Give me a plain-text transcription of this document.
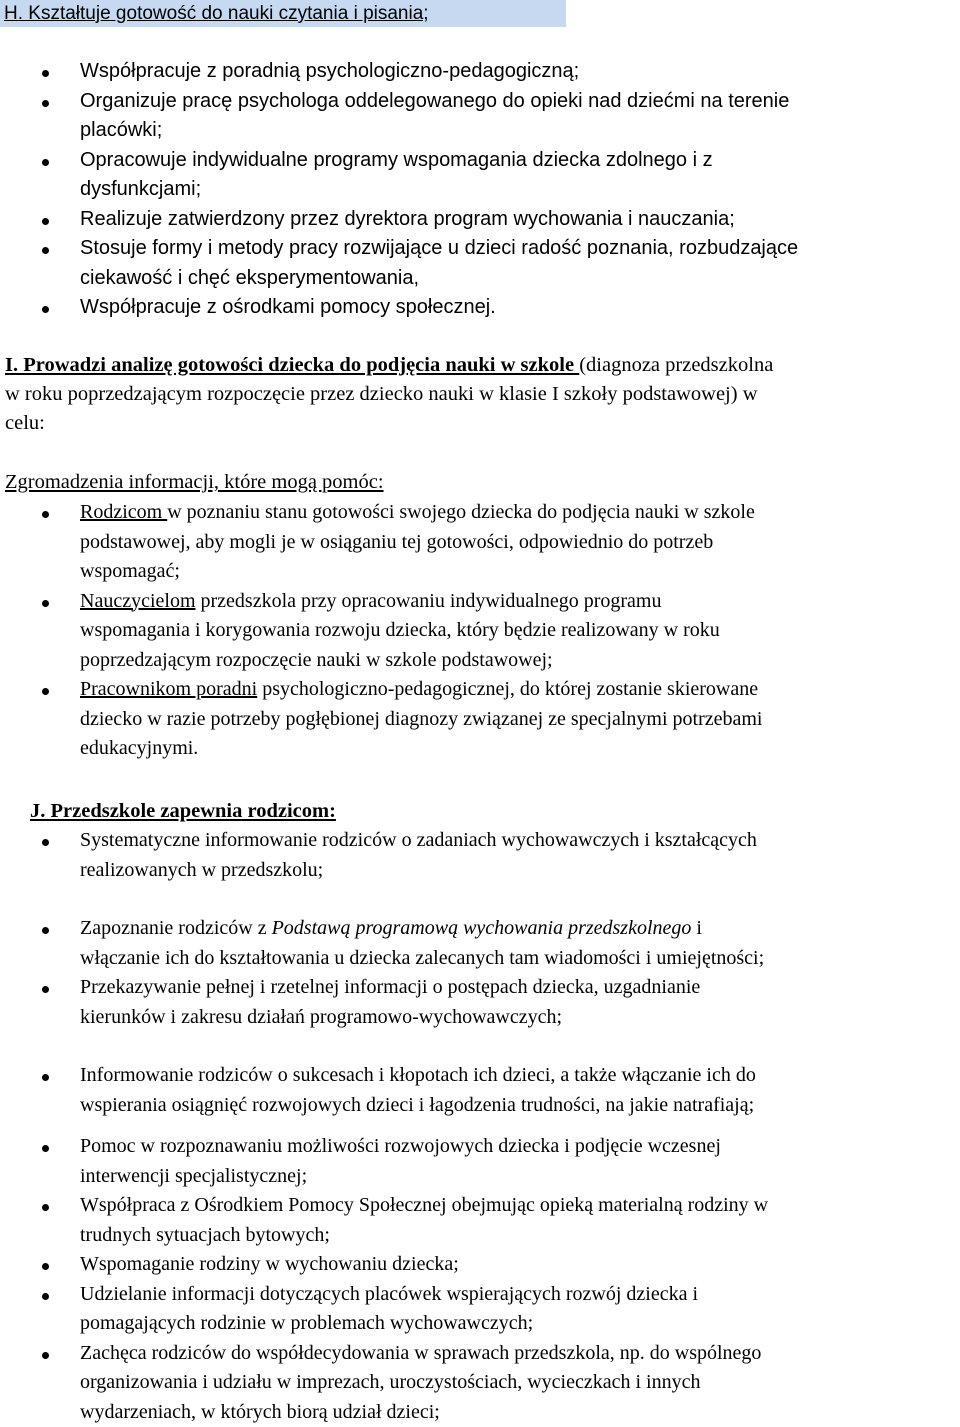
H. Kształtuje gotowość do nauki czytania i pisania;
Współpracuje z poradnią psychologiczno-pedagogiczną;
Organizuje pracę psychologa oddelegowanego do opieki nad dziećmi na terenie
placówki;
Opracowuje indywidualne programy wspomagania dziecka zdolnego i z
dysfunkcjami;
Realizuje zatwierdzony przez dyrektora program wychowania i nauczania;
Stosuje formy i metody pracy rozwijające u dzieci radość poznania, rozbudzające
ciekawość i chęć eksperymentowania,
Współpracuje z ośrodkami pomocy społecznej.
I. Prowadzi analizę gotowości dziecka do podjęcia nauki w szkole (diagnoza przedszkolna
w roku poprzedzającym rozpoczęcie przez dziecko nauki w klasie I szkoły podstawowej) w
celu:
Zgromadzenia informacji, które mogą pomóc:
Rodzicom w poznaniu stanu gotowości swojego dziecka do podjęcia nauki w szkole
podstawowej, aby mogli je w osiąganiu tej gotowości, odpowiednio do potrzeb
wspomagać;
Nauczycielom przedszkola przy opracowaniu indywidualnego programu
wspomagania i korygowania rozwoju dziecka, który będzie realizowany w roku
poprzedzającym rozpoczęcie nauki w szkole podstawowej;
Pracownikom poradni psychologiczno-pedagogicznej, do której zostanie skierowane
dziecko w razie potrzeby pogłębionej diagnozy związanej ze specjalnymi potrzebami
edukacyjnymi.
J. Przedszkole zapewnia rodzicom:
Systematyczne informowanie rodziców o zadaniach wychowawczych i kształcących
realizowanych w przedszkolu;
Zapoznanie rodziców z Podstawą programową wychowania przedszkolnego i
włączanie ich do kształtowania u dziecka zalecanych tam wiadomości i umiejętności;
Przekazywanie pełnej i rzetelnej informacji o postępach dziecka, uzgadnianie
kierunków i zakresu działań programowo-wychowawczych;
Informowanie rodziców o sukcesach i kłopotach ich dzieci, a także włączanie ich do
wspierania osiągnięć rozwojowych dzieci i łagodzenia trudności, na jakie natrafiają;
Pomoc w rozpoznawaniu możliwości rozwojowych dziecka i podjęcie wczesnej
interwencji specjalistycznej;
Współpraca z Ośrodkiem Pomocy Społecznej obejmując opieką materialną rodziny w
trudnych sytuacjach bytowych;
Wspomaganie rodziny w wychowaniu dziecka;
Udzielanie informacji dotyczących placówek wspierających rozwój dziecka i
pomagających rodzinie w problemach wychowawczych;
Zachęca rodziców do współdecydowania w sprawach przedszkola, np. do wspólnego
organizowania i udziału w imprezach, uroczystościach, wycieczkach i innych
wydarzeniach, w których biorą udział dzieci;
